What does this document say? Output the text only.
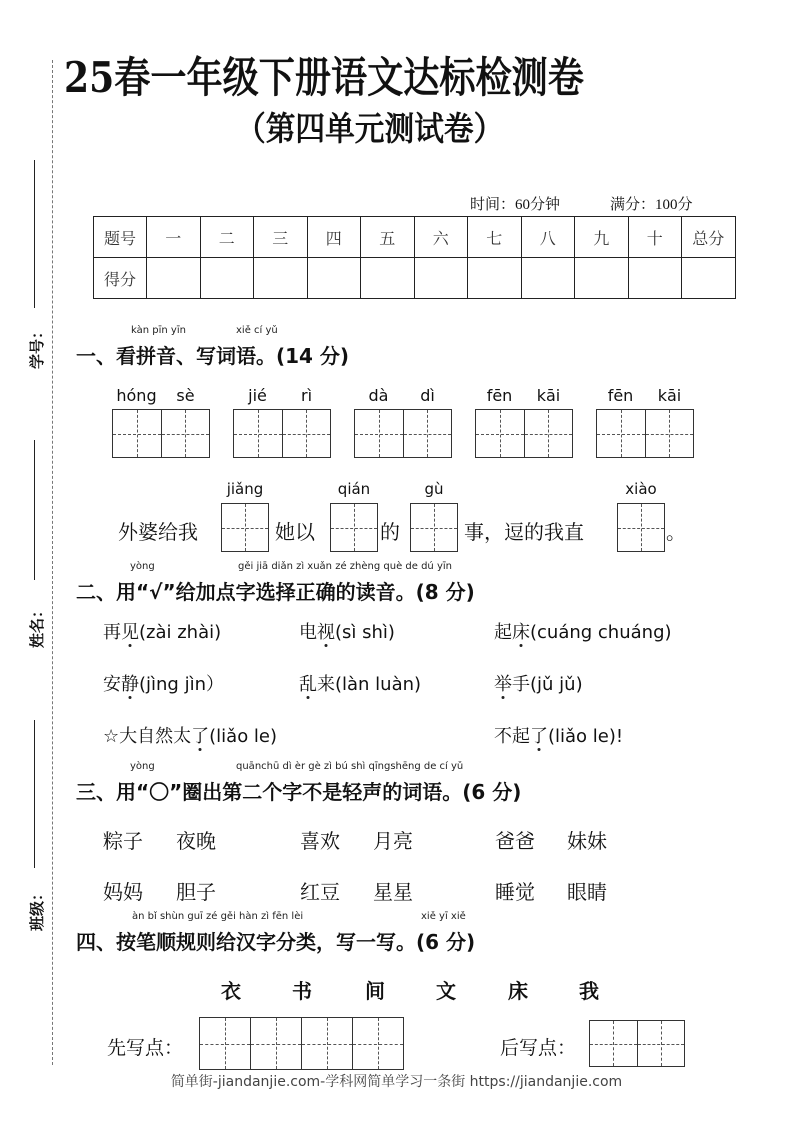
学号：
姓名：
班级：
25春一年级下册语文达标检测卷
（第四单元测试卷）
时间：60分钟	满分：100分
题号	一	二	三	四	五	六	七	八	九	十	总分
得分											
kàn pīn yīn	xiě cí yǔ
一、看拼音、写词语。(14 分)
hóng	sè	jié	rì	dà	dì	fēn	kāi	fēn	kāi
外婆给我
jiǎng
她以
qián
的
gù
事，逗的我直
xiào
。
yòng	gěi jiā diǎn zì xuǎn zé zhèng què de dú yīn
二、用“√”给加点字选择正确的读音。(8 分)
再见(zài zhài)	电视(sì shì)	起床(cuáng chuáng)
安静(jìng jìn）	乱来(làn luàn)	举手(jǔ jǔ)
☆大自然太了(liǎo le)	不起了(liǎo le)!
yòng	quānchū dì èr gè zì bú shì qīngshēng de cí yǔ
三、用“〇”圈出第二个字不是轻声的词语。(6 分)
粽子 夜晚	喜欢 月亮	爸爸 妹妹
妈妈 胆子	红豆 星星	睡觉 眼睛
àn bǐ shùn guī zé gěi hàn zì fēn lèi	xiě yī xiě
四、按笔顺规则给汉字分类，写一写。(6 分)
衣	书	间	文	床	我
先写点：	后写点：
简单街-jiandanjie.com-学科网简单学习一条街 https://jiandanjie.com
